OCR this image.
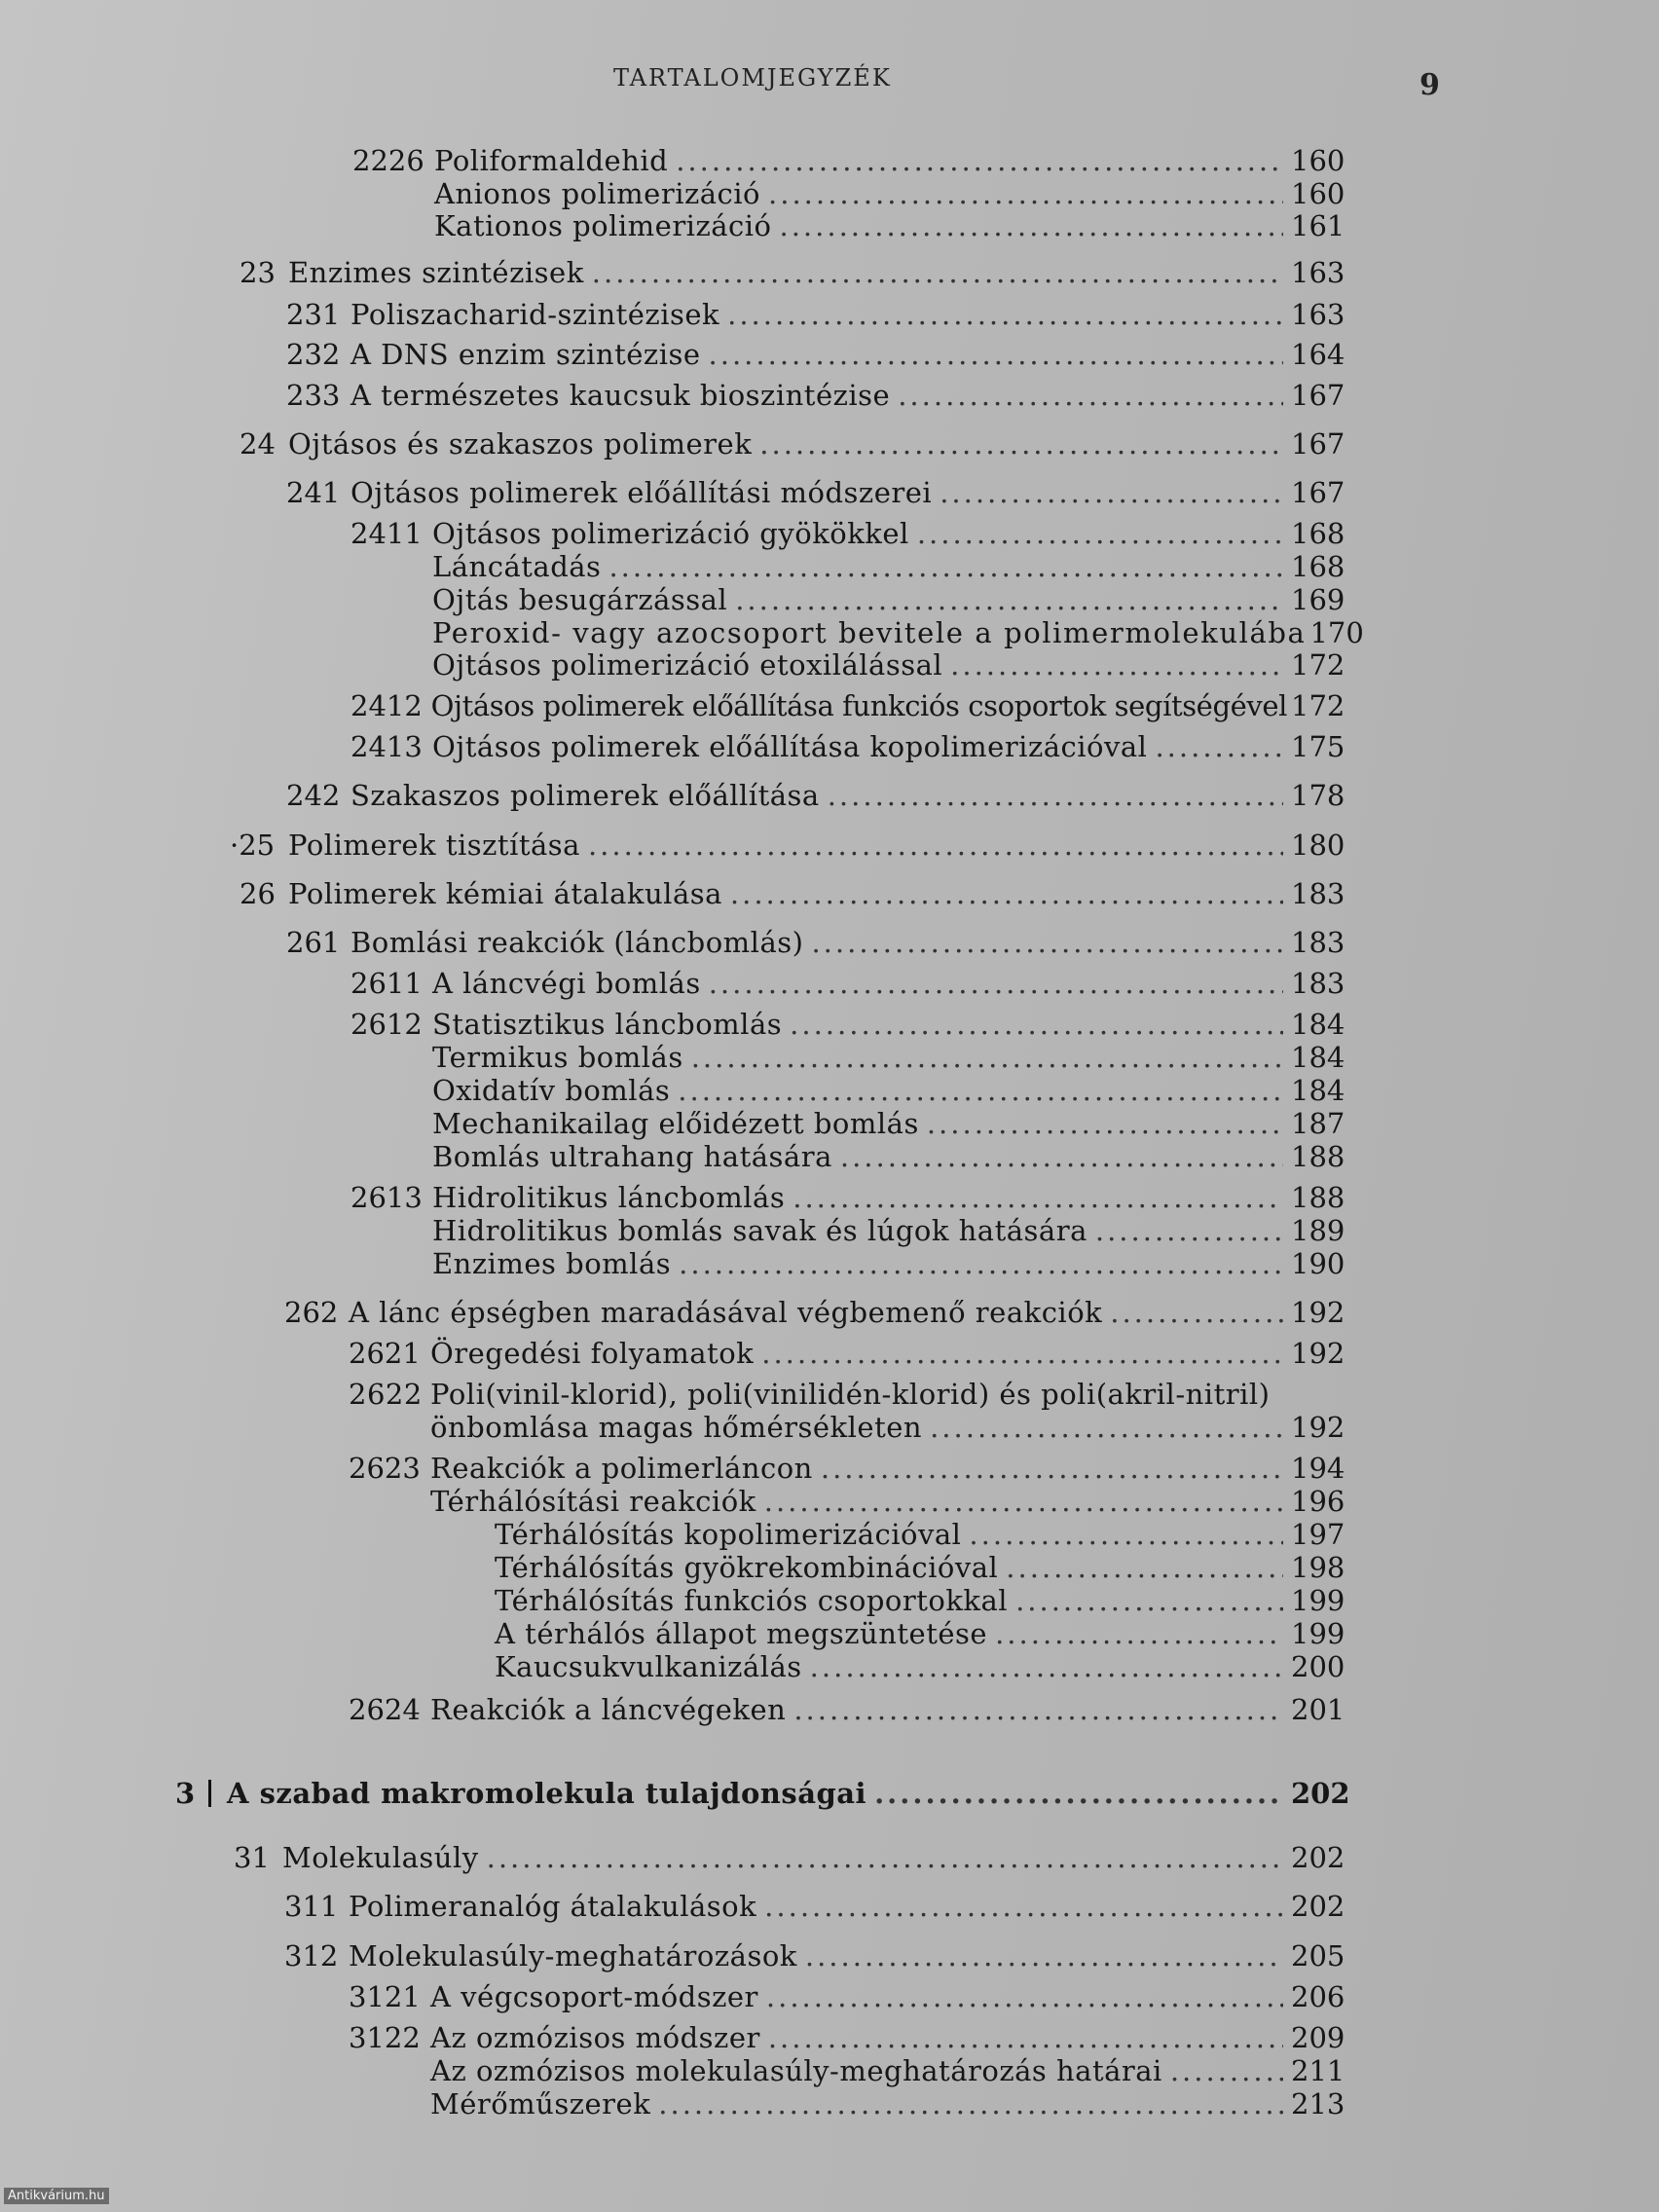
TARTALOMJEGYZÉK	9
2226 Poliformaldehid .....	160
Anionos polimerizáció .....	160
Kationos polimerizáció .....	161
23 Enzimes szintézisek .....	163
231 Poliszacharid-szintézisek .....	163
232 A DNS enzim szintézise .....	164
233 A természetes kaucsuk bioszintézise .....	167
24 Ojtásos és szakaszos polimerek .....	167
241 Ojtásos polimerek előállítási módszerei .....	167
2411 Ojtásos polimerizáció gyökökkel .....	168
Láncátadás .....	168
Ojtás besugárzással .....	169
Peroxid- vagy azocsoport bevitele a polimermolekulába 170
Ojtásos polimerizáció etoxilálással .....	172
2412 Ojtásos polimerek előállítása funkciós csoportok segítségével 172
2413 Ojtásos polimerek előállítása kopolimerizációval .....	175
242 Szakaszos polimerek előállítása .....	178
·25 Polimerek tisztítása .....	180
26 Polimerek kémiai átalakulása .....	183
261 Bomlási reakciók (láncbomlás) .....	183
2611 A láncvégi bomlás .....	183
2612 Statisztikus láncbomlás .....	184
Termikus bomlás .....	184
Oxidatív bomlás .....	184
Mechanikailag előidézett bomlás .....	187
Bomlás ultrahang hatására .....	188
2613 Hidrolitikus láncbomlás .....	188
Hidrolitikus bomlás savak és lúgok hatására .....	189
Enzimes bomlás .....	190
262 A lánc épségben maradásával végbemenő reakciók .....	192
2621 Öregedési folyamatok .....	192
2622 Poli(vinil-klorid), poli(vinilidén-klorid) és poli(akril-nitril)
önbomlása magas hőmérsékleten .....	192
2623 Reakciók a polimerláncon .....	194
Térhálósítási reakciók .....	196
Térhálósítás kopolimerizációval .....	197
Térhálósítás gyökrekombinációval .....	198
Térhálósítás funkciós csoportokkal .....	199
A térhálós állapot megszüntetése .....	199
Kaucsukvulkanizálás .....	200
2624 Reakciók a láncvégeken .....	201
3	A szabad makromolekula tulajdonságai .....	202
31 Molekulasúly .....	202
311 Polimeranalóg átalakulások .....	202
312 Molekulasúly-meghatározások .....	205
3121 A végcsoport-módszer .....	206
3122 Az ozmózisos módszer .....	209
Az ozmózisos molekulasúly-meghatározás határai .....	211
Mérőműszerek .....	213
Antikvárium.hu
